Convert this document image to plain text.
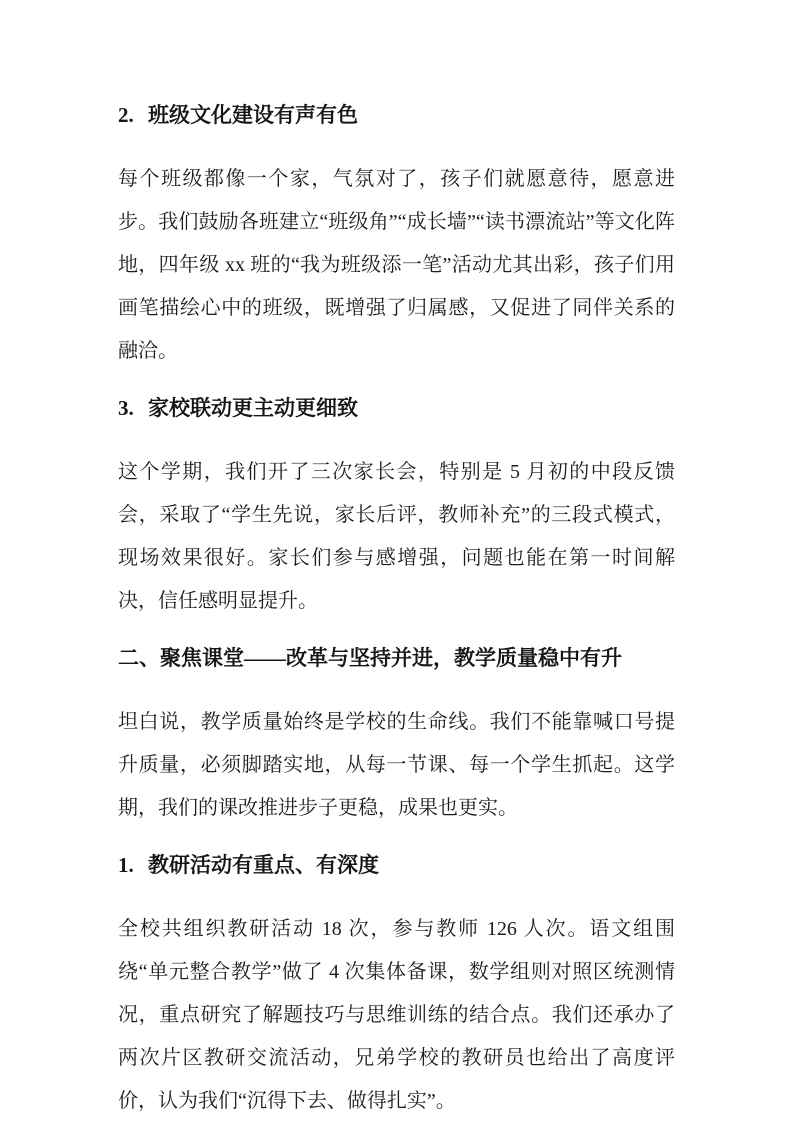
2. 班级文化建设有声有色

每个班级都像一个家，气氛对了，孩子们就愿意待，愿意进步。我们鼓励各班建立“班级角”“成长墙”“读书漂流站”等文化阵地，四年级 xx 班的“我为班级添一笔”活动尤其出彩，孩子们用画笔描绘心中的班级，既增强了归属感，又促进了同伴关系的融洽。

3. 家校联动更主动更细致

这个学期，我们开了三次家长会，特别是 5 月初的中段反馈会，采取了“学生先说，家长后评，教师补充”的三段式模式，现场效果很好。家长们参与感增强，问题也能在第一时间解决，信任感明显提升。

二、聚焦课堂——改革与坚持并进，教学质量稳中有升

坦白说，教学质量始终是学校的生命线。我们不能靠喊口号提升质量，必须脚踏实地，从每一节课、每一个学生抓起。这学期，我们的课改推进步子更稳，成果也更实。

1. 教研活动有重点、有深度

全校共组织教研活动 18 次，参与教师 126 人次。语文组围绕“单元整合教学”做了 4 次集体备课，数学组则对照区统测情况，重点研究了解题技巧与思维训练的结合点。我们还承办了两次片区教研交流活动，兄弟学校的教研员也给出了高度评价，认为我们“沉得下去、做得扎实”。
